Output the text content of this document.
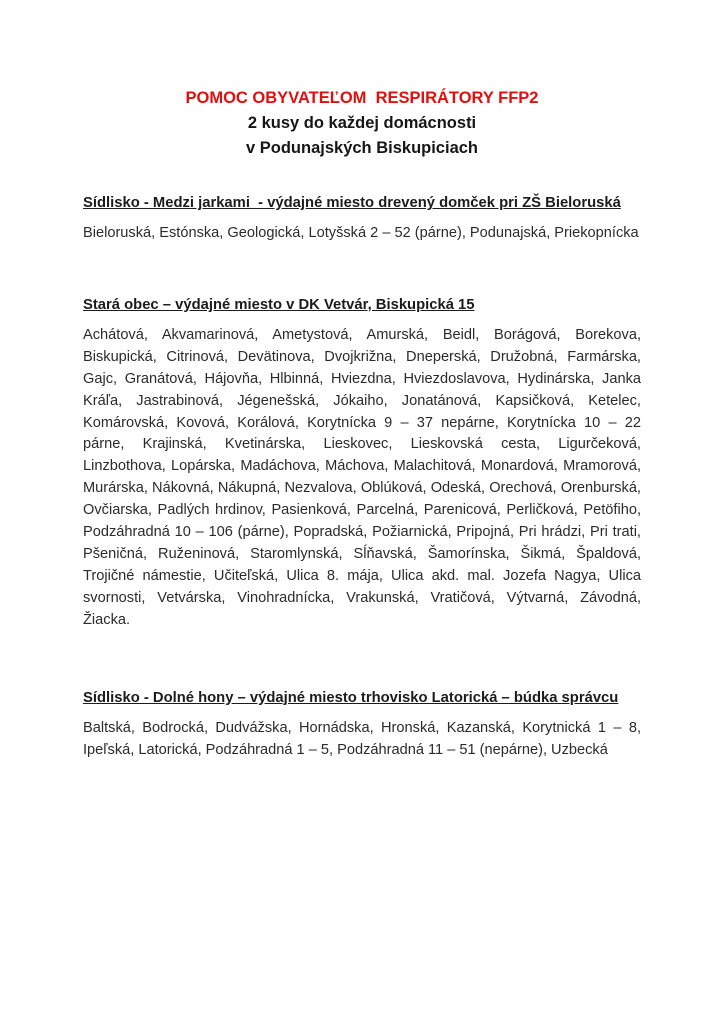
POMOC OBYVATEĽOM  RESPIRÁTORY FFP2
2 kusy do každej domácnosti
v Podunajských Biskupiciach
Sídlisko - Medzi jarkami  - výdajné miesto drevený domček pri ZŠ Bieloruská

Bieloruská, Estónska, Geologická, Lotyšská 2 – 52 (párne), Podunajská, Priekopnícka

Stará obec – výdajné miesto v DK Vetvár, Biskupická 15

Achátová, Akvamarinová, Ametystová, Amurská, Beidl, Borágová, Borekova, Biskupická, Citrinová, Devätinova, Dvojkrižna, Dneperská, Družobná, Farmárska, Gajc, Granátová, Hájovňa, Hlbinná, Hviezdna, Hviezdoslavova, Hydinárska, Janka Kráľa, Jastrabinová, Jégenešská, Jókaiho, Jonatánová, Kapsičková, Ketelec, Komárovská, Kovová, Korálová, Korytnícka 9 – 37 nepárne, Korytnícka 10 – 22 párne, Krajinská, Kvetinárska, Lieskovec, Lieskovská cesta, Ligurčeková, Linzbothova, Lopárska, Madáchova, Máchova, Malachitová, Monardová, Mramorová, Murárska, Nákovná, Nákupná, Nezvalova, Oblúková, Odeská, Orechová, Orenburská, Ovčiarska, Padlých hrdinov, Pasienková, Parcelná, Parenicová, Perličková, Petöfiho, Podzáhradná 10 – 106 (párne), Popradská, Požiarnická, Pripojná, Pri hrádzi, Pri trati, Pšeničná, Ruženinová, Staromlynská, Sĺňavská, Šamorínska, Šikmá, Špaldová, Trojičné námestie, Učiteľská, Ulica 8. mája, Ulica akd. mal. Jozefa Nagya, Ulica svornosti, Vetvárska, Vinohradnícka, Vrakunská, Vratičová, Výtvarná, Závodná, Žiacka.

Sídlisko - Dolné hony – výdajné miesto trhovisko Latorická – búdka správcu

Baltská, Bodrocká, Dudvážska, Hornádska, Hronská, Kazanská, Korytnická 1 – 8, Ipeľská, Latorická, Podzáhradná 1 – 5, Podzáhradná 11 – 51 (nepárne), Uzbecká
